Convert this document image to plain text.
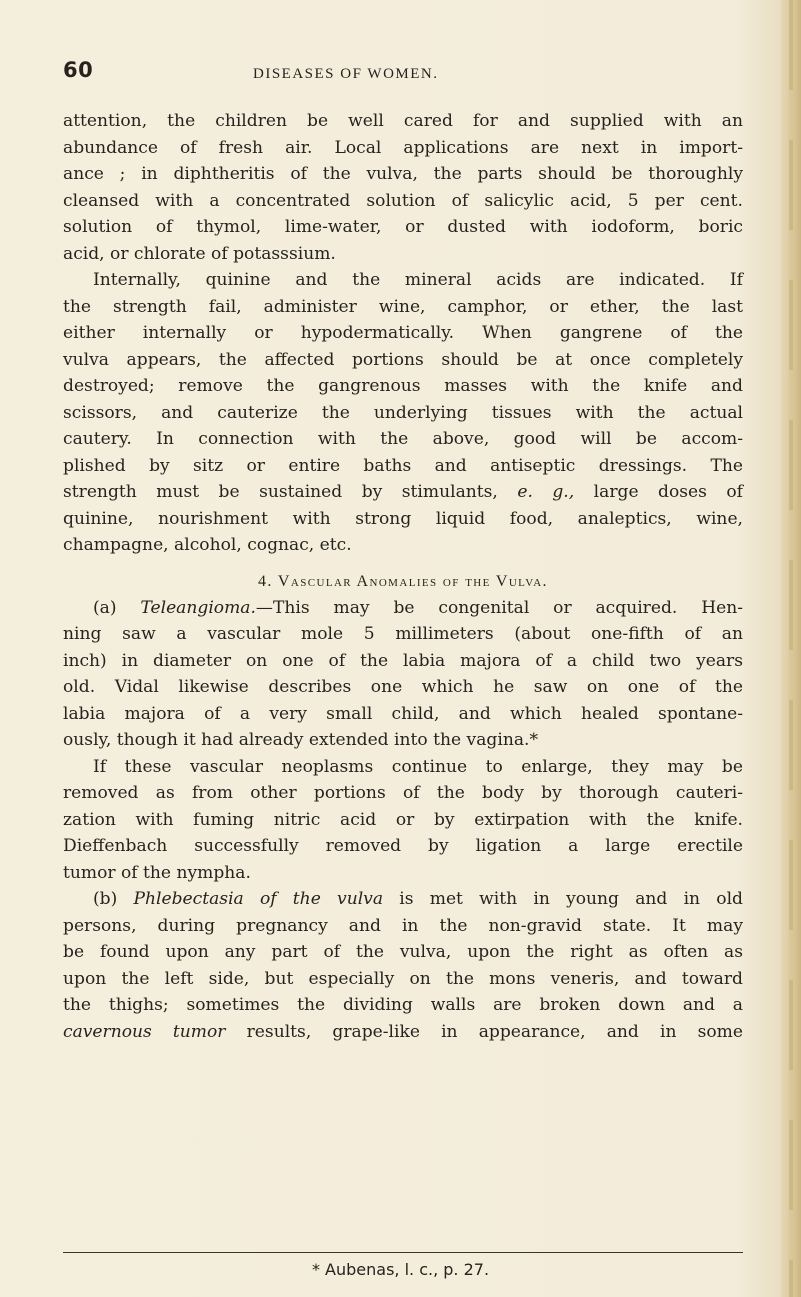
60	DISEASES OF WOMEN.
attention, the children be well cared for and supplied with an
abundance of fresh air. Local applications are next in import-
ance ; in diphtheritis of the vulva, the parts should be thoroughly
cleansed with a concentrated solution of salicylic acid, 5 per cent.
solution of thymol, lime-water, or dusted with iodoform, boric
acid, or chlorate of potasssium.
Internally, quinine and the mineral acids are indicated. If
the strength fail, administer wine, camphor, or ether, the last
either internally or hypodermatically. When gangrene of the
vulva appears, the affected portions should be at once completely
destroyed; remove the gangrenous masses with the knife and
scissors, and cauterize the underlying tissues with the actual
cautery. In connection with the above, good will be accom-
plished by sitz or entire baths and antiseptic dressings. The
strength must be sustained by stimulants, e. g., large doses of
quinine, nourishment with strong liquid food, analeptics, wine,
champagne, alcohol, cognac, etc.
4. Vascular Anomalies of the Vulva.
(a) Teleangioma.—This may be congenital or acquired. Hen-
ning saw a vascular mole 5 millimeters (about one-fifth of an
inch) in diameter on one of the labia majora of a child two years
old. Vidal likewise describes one which he saw on one of the
labia majora of a very small child, and which healed spontane-
ously, though it had already extended into the vagina.*
If these vascular neoplasms continue to enlarge, they may be
removed as from other portions of the body by thorough cauteri-
zation with fuming nitric acid or by extirpation with the knife.
Dieffenbach successfully removed by ligation a large erectile
tumor of the nympha.
(b) Phlebectasia of the vulva is met with in young and in old
persons, during pregnancy and in the non-gravid state. It may
be found upon any part of the vulva, upon the right as often as
upon the left side, but especially on the mons veneris, and toward
the thighs; sometimes the dividing walls are broken down and a
cavernous tumor results, grape-like in appearance, and in some
* Aubenas, l. c., p. 27.
